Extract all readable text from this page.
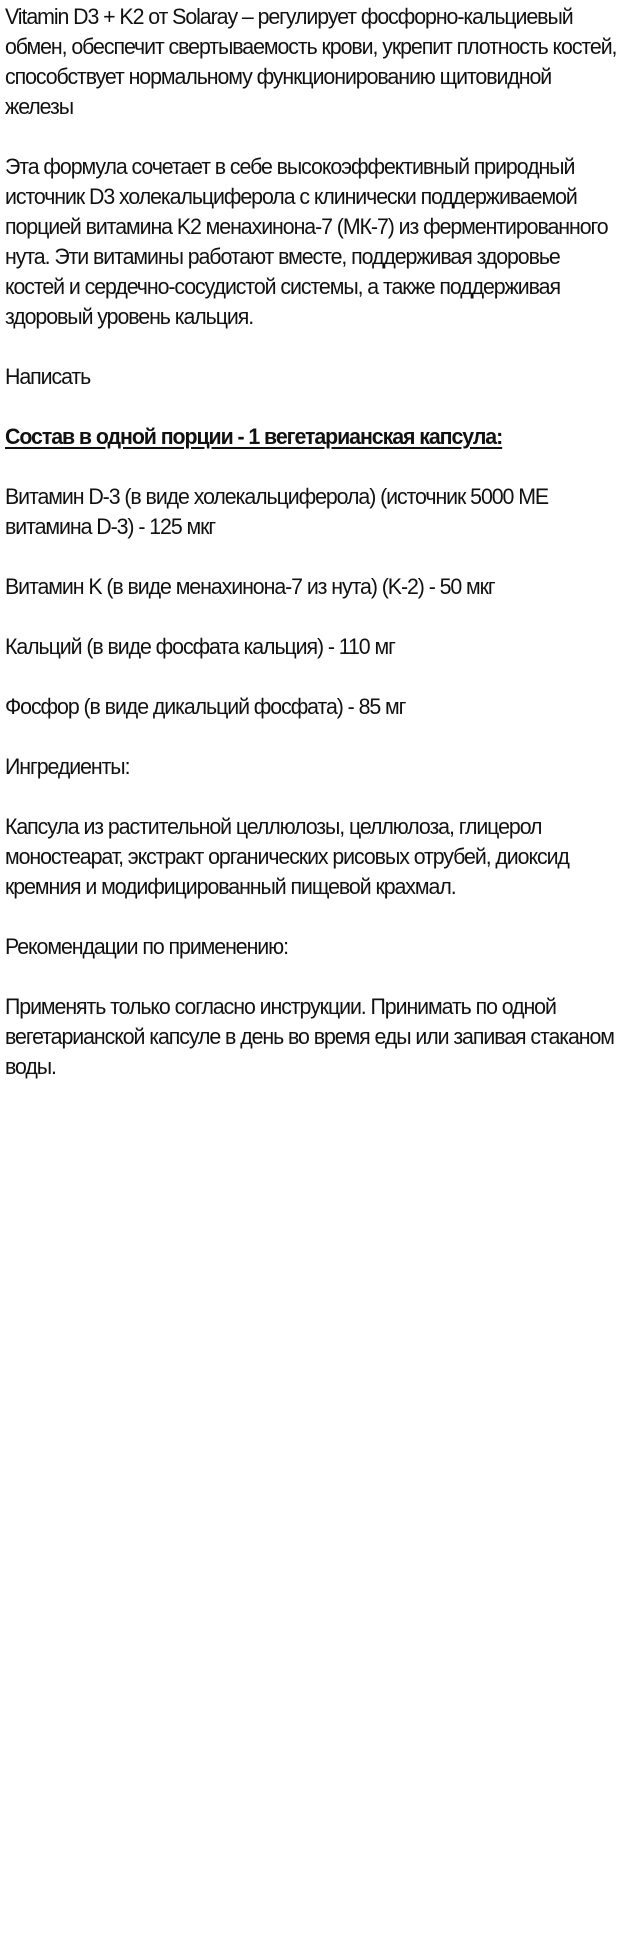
Vitamin D3 + K2 от Solaray – регулирует фосфорно-кальциевый обмен, обеспечит свертываемость крови, укрепит плотность костей, способствует нормальному функционированию щитовидной железы

Эта формула сочетает в себе высокоэффективный природный источник D3 холекальциферола с клинически поддерживаемой порцией витамина K2 менахинона-7 (МК-7) из ферментированного нута. Эти витамины работают вместе, поддерживая здоровье костей и сердечно-сосудистой системы, а также поддерживая здоровый уровень кальция.

Написать

Состав в одной порции - 1 вегетарианская капсула:

Витамин D-3 (в виде холекальциферола) (источник 5000 МЕ витамина D-3) - 125 мкг

Витамин K (в виде менахинона-7 из нута) (K-2) - 50 мкг

Кальций (в виде фосфата кальция) - 110 мг

Фосфор (в виде дикальций фосфата) - 85 мг

Ингредиенты:

Капсула из растительной целлюлозы, целлюлоза, глицерол моностеарат, экстракт органических рисовых отрубей, диоксид кремния и модифицированный пищевой крахмал.

Рекомендации по применению:

Применять только согласно инструкции. Принимать по одной вегетарианской капсуле в день во время еды или запивая стаканом воды.
